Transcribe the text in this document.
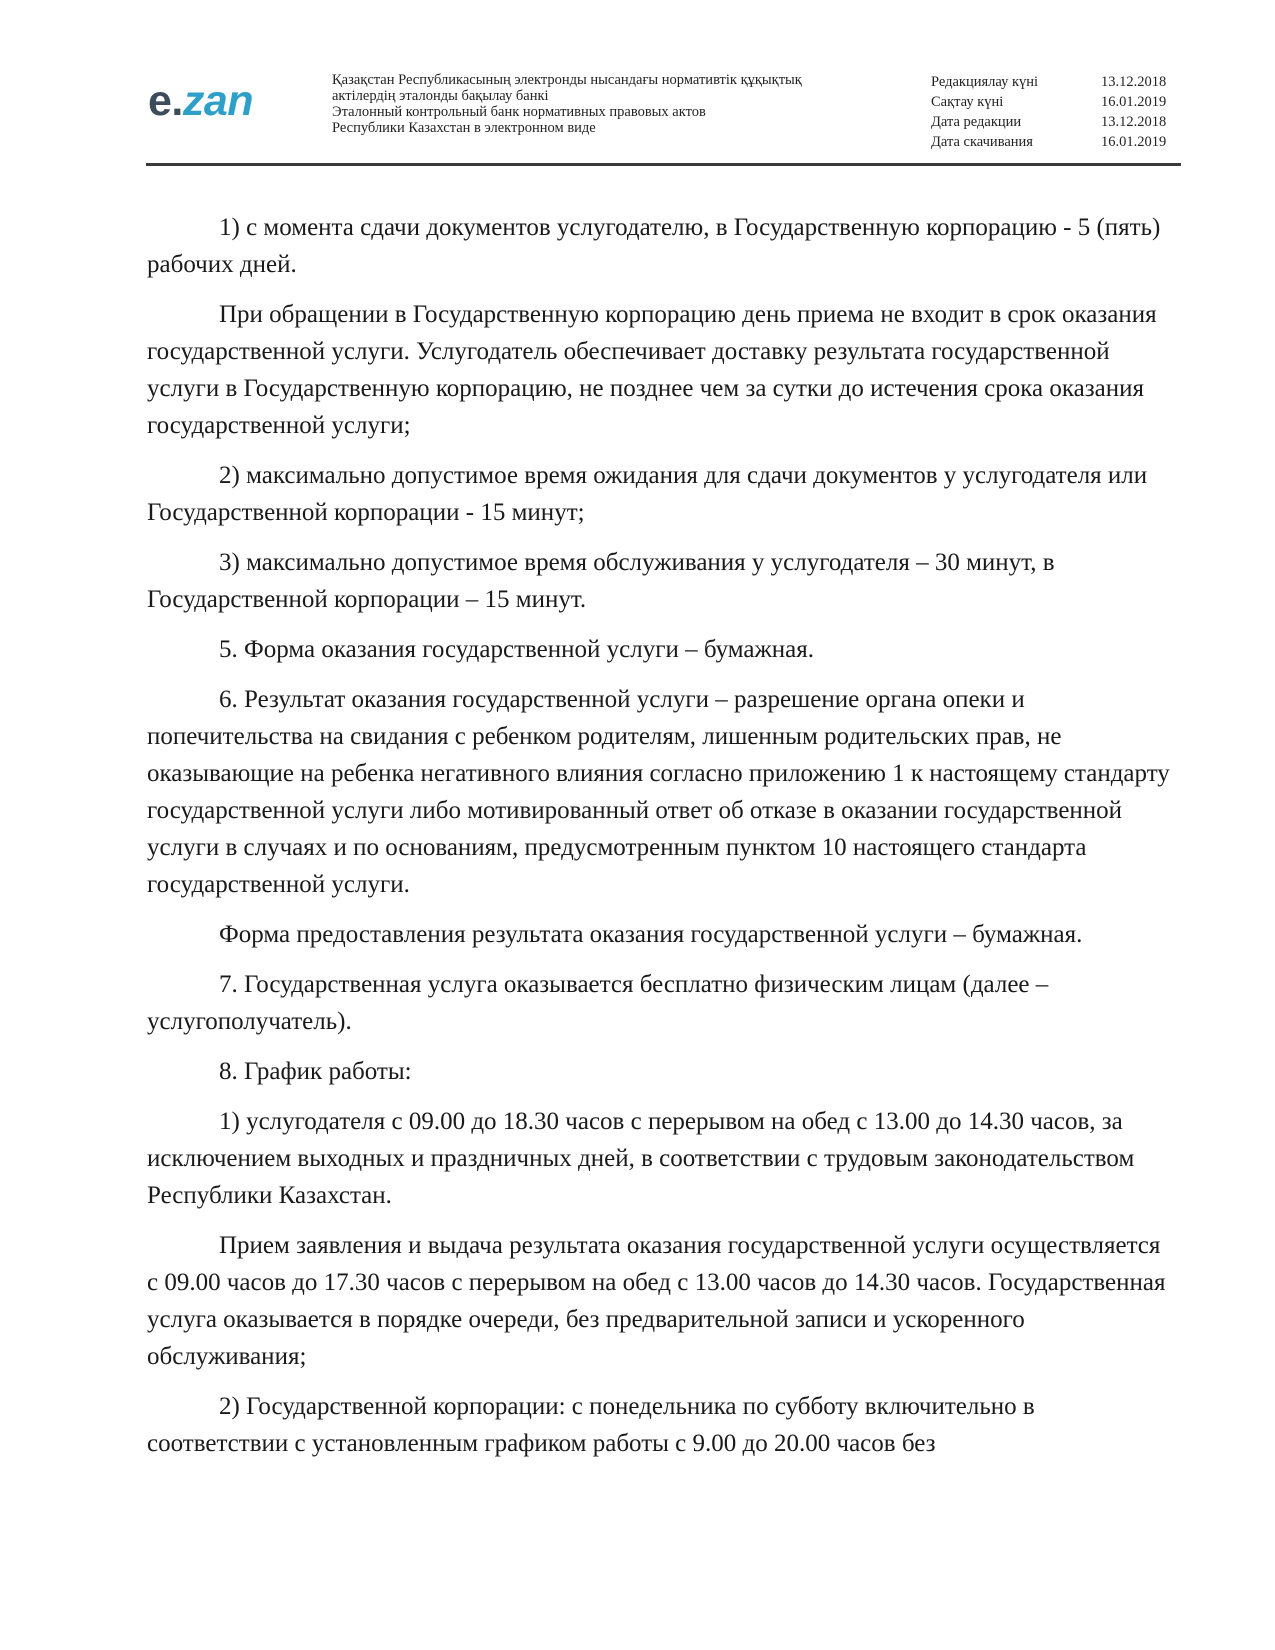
e.zan	Қазақстан Республикасының электронды нысандағы нормативтік құқықтық
актілердің эталонды бақылау банкі
Эталонный контрольный банк нормативных правовых актов
Республики Казахстан в электронном виде
Редакциялау күні	13.12.2018
Сақтау күні	16.01.2019
Дата редакции	13.12.2018
Дата скачивания	16.01.2019

1) с момента сдачи документов услугодателю, в Государственную корпорацию - 5 (пять) рабочих дней.

При обращении в Государственную корпорацию день приема не входит в срок оказания государственной услуги. Услугодатель обеспечивает доставку результата государственной услуги в Государственную корпорацию, не позднее чем за сутки до истечения срока оказания государственной услуги;

2) максимально допустимое время ожидания для сдачи документов у услугодателя или Государственной корпорации - 15 минут;

3) максимально допустимое время обслуживания у услугодателя – 30 минут, в Государственной корпорации – 15 минут.

5. Форма оказания государственной услуги – бумажная.

6. Результат оказания государственной услуги – разрешение органа опеки и попечительства на свидания с ребенком родителям, лишенным родительских прав, не оказывающие на ребенка негативного влияния согласно приложению 1 к настоящему стандарту государственной услуги либо мотивированный ответ об отказе в оказании государственной услуги в случаях и по основаниям, предусмотренным пунктом 10 настоящего стандарта государственной услуги.

Форма предоставления результата оказания государственной услуги – бумажная.

7. Государственная услуга оказывается бесплатно физическим лицам (далее – услугополучатель).

8. График работы:

1) услугодателя с 09.00 до 18.30 часов с перерывом на обед с 13.00 до 14.30 часов, за исключением выходных и праздничных дней, в соответствии с трудовым законодательством Республики Казахстан.

Прием заявления и выдача результата оказания государственной услуги осуществляется с 09.00 часов до 17.30 часов с перерывом на обед с 13.00 часов до 14.30 часов. Государственная услуга оказывается в порядке очереди, без предварительной записи и ускоренного обслуживания;

2) Государственной корпорации: с понедельника по субботу включительно в соответствии с установленным графиком работы с 9.00 до 20.00 часов без
